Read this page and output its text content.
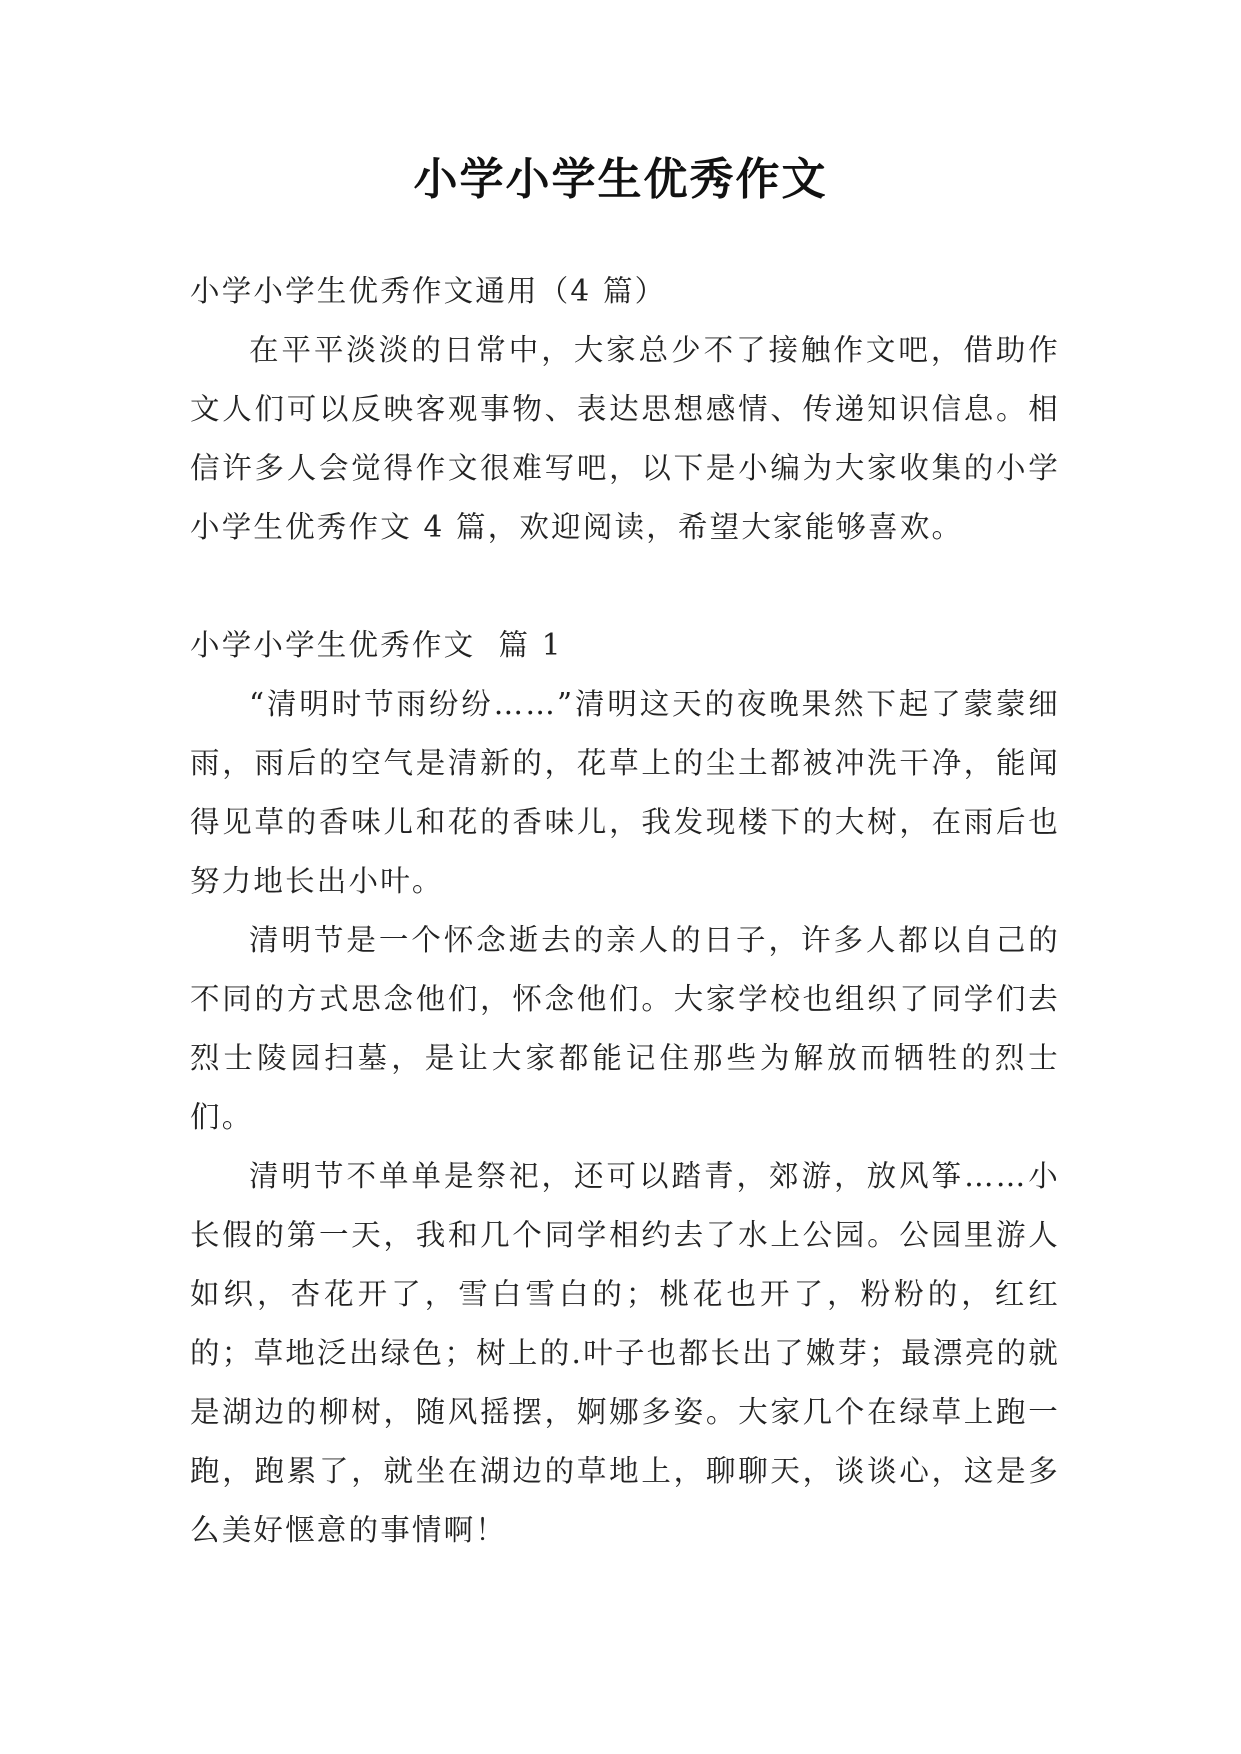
小学小学生优秀作文

小学小学生优秀作文通用（4 篇）

在平平淡淡的日常中，大家总少不了接触作文吧，借助作文人们可以反映客观事物、表达思想感情、传递知识信息。相信许多人会觉得作文很难写吧，以下是小编为大家收集的小学小学生优秀作文 4 篇，欢迎阅读，希望大家能够喜欢。

小学小学生优秀作文  篇 1

“清明时节雨纷纷……”清明这天的夜晚果然下起了蒙蒙细雨，雨后的空气是清新的，花草上的尘土都被冲洗干净，能闻得见草的香味儿和花的香味儿，我发现楼下的大树，在雨后也努力地长出小叶。

清明节是一个怀念逝去的亲人的日子，许多人都以自己的不同的方式思念他们，怀念他们。大家学校也组织了同学们去烈士陵园扫墓，是让大家都能记住那些为解放而牺牲的烈士们。

清明节不单单是祭祀，还可以踏青，郊游，放风筝……小长假的第一天，我和几个同学相约去了水上公园。公园里游人如织，杏花开了，雪白雪白的；桃花也开了，粉粉的，红红的；草地泛出绿色；树上的.叶子也都长出了嫩芽；最漂亮的就是湖边的柳树，随风摇摆，婀娜多姿。大家几个在绿草上跑一跑，跑累了，就坐在湖边的草地上，聊聊天，谈谈心，这是多么美好惬意的事情啊！
